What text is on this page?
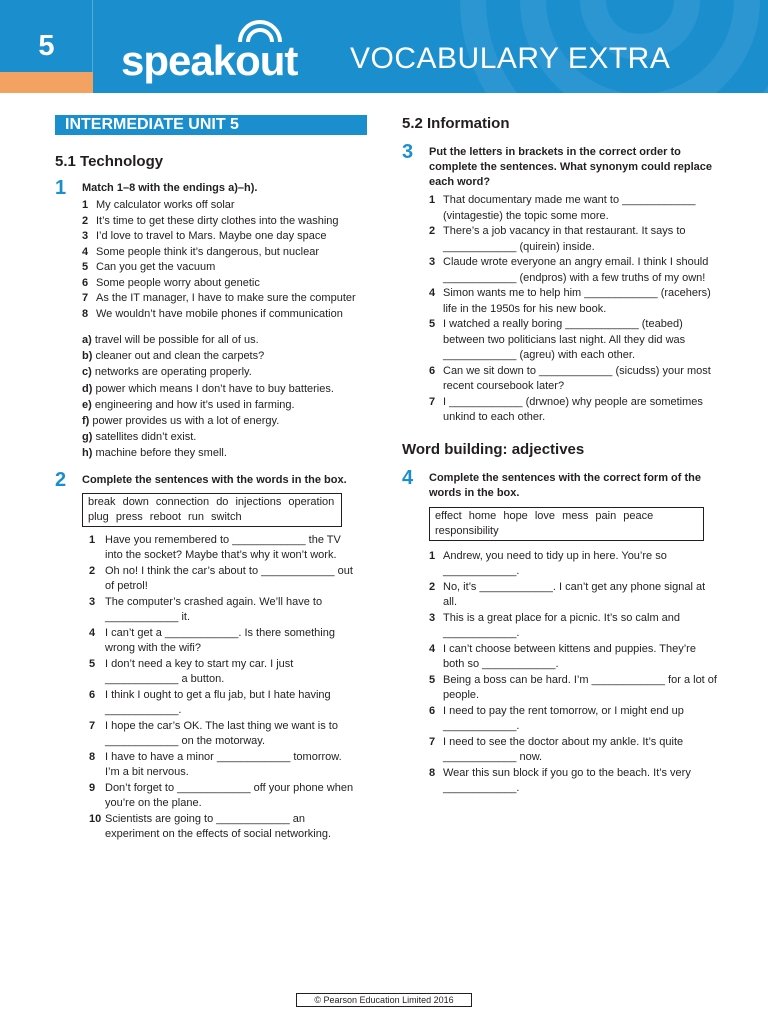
5	speakout VOCABULARY EXTRA
INTERMEDIATE UNIT 5
5.1 Technology
1 Match 1–8 with the endings a)–h).
1 My calculator works off solar
2 It’s time to get these dirty clothes into the washing
3 I’d love to travel to Mars. Maybe one day space
4 Some people think it’s dangerous, but nuclear
5 Can you get the vacuum
6 Some people worry about genetic
7 As the IT manager, I have to make sure the computer
8 We wouldn’t have mobile phones if communication
a) travel will be possible for all of us.
b) cleaner out and clean the carpets?
c) networks are operating properly.
d) power which means I don’t have to buy batteries.
e) engineering and how it’s used in farming.
f) power provides us with a lot of energy.
g) satellites didn’t exist.
h) machine before they smell.
2 Complete the sentences with the words in the box.
break down connection do injections operation plug press reboot run switch
1 Have you remembered to ____________ the TV into the socket? Maybe that’s why it won’t work.
2 Oh no! I think the car’s about to ____________ out of petrol!
3 The computer’s crashed again. We’ll have to ____________ it.
4 I can’t get a ____________. Is there something wrong with the wifi?
5 I don’t need a key to start my car. I just ____________ a button.
6 I think I ought to get a flu jab, but I hate having ____________.
7 I hope the car’s OK. The last thing we want is to ____________ on the motorway.
8 I have to have a minor ____________ tomorrow. I’m a bit nervous.
9 Don’t forget to ____________ off your phone when you’re on the plane.
10 Scientists are going to ____________ an experiment on the effects of social networking.
5.2 Information
3 Put the letters in brackets in the correct order to complete the sentences. What synonym could replace each word?
1 That documentary made me want to ____________ (vintagestie) the topic some more.
2 There’s a job vacancy in that restaurant. It says to ____________ (quirein) inside.
3 Claude wrote everyone an angry email. I think I should ____________ (endpros) with a few truths of my own!
4 Simon wants me to help him ____________ (racehers) life in the 1950s for his new book.
5 I watched a really boring ____________ (teabed) between two politicians last night. All they did was ____________ (agreu) with each other.
6 Can we sit down to ____________ (sicudss) your most recent coursebook later?
7 I ____________ (drwnoe) why people are sometimes unkind to each other.
Word building: adjectives
4 Complete the sentences with the correct form of the words in the box.
effect home hope love mess pain peace responsibility
1 Andrew, you need to tidy up in here. You’re so ____________.
2 No, it’s ____________. I can’t get any phone signal at all.
3 This is a great place for a picnic. It’s so calm and ____________.
4 I can’t choose between kittens and puppies. They’re both so ____________.
5 Being a boss can be hard. I’m ____________ for a lot of people.
6 I need to pay the rent tomorrow, or I might end up ____________.
7 I need to see the doctor about my ankle. It’s quite ____________ now.
8 Wear this sun block if you go to the beach. It’s very ____________.
© Pearson Education Limited 2016
